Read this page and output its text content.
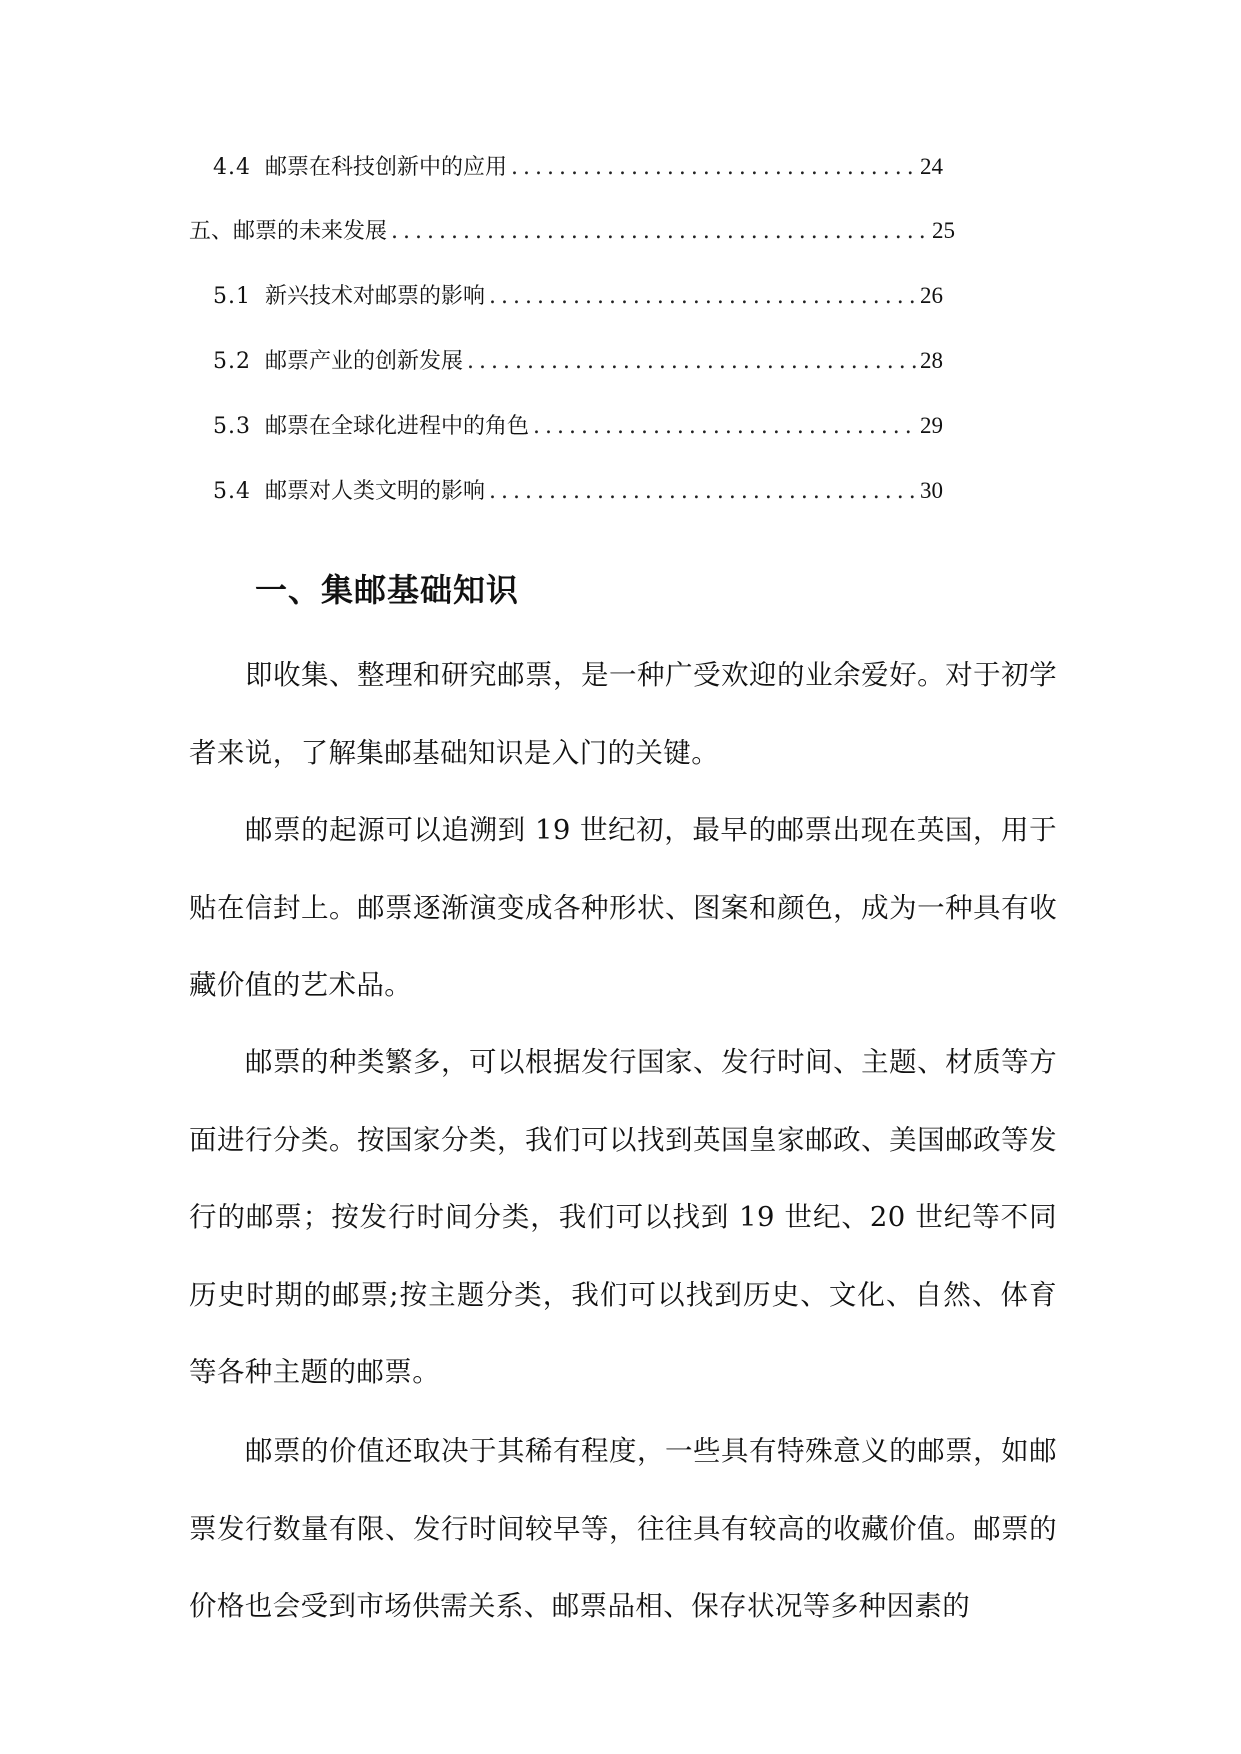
4.4 邮票在科技创新中的应用 .....	24
五、邮票的未来发展 .....	25
5.1 新兴技术对邮票的影响 .....	26
5.2 邮票产业的创新发展 .....	28
5.3 邮票在全球化进程中的角色 .....	29
5.4 邮票对人类文明的影响 .....	30
一、集邮基础知识

即收集、整理和研究邮票，是一种广受欢迎的业余爱好。对于初学者来说，了解集邮基础知识是入门的关键。

邮票的起源可以追溯到 19 世纪初，最早的邮票出现在英国，用于贴在信封上。邮票逐渐演变成各种形状、图案和颜色，成为一种具有收藏价值的艺术品。

邮票的种类繁多，可以根据发行国家、发行时间、主题、材质等方面进行分类。按国家分类，我们可以找到英国皇家邮政、美国邮政等发行的邮票；按发行时间分类，我们可以找到 19 世纪、20 世纪等不同历史时期的邮票;按主题分类，我们可以找到历史、文化、自然、体育等各种主题的邮票。

邮票的价值还取决于其稀有程度，一些具有特殊意义的邮票，如邮票发行数量有限、发行时间较早等，往往具有较高的收藏价值。邮票的价格也会受到市场供需关系、邮票品相、保存状况等多种因素的
